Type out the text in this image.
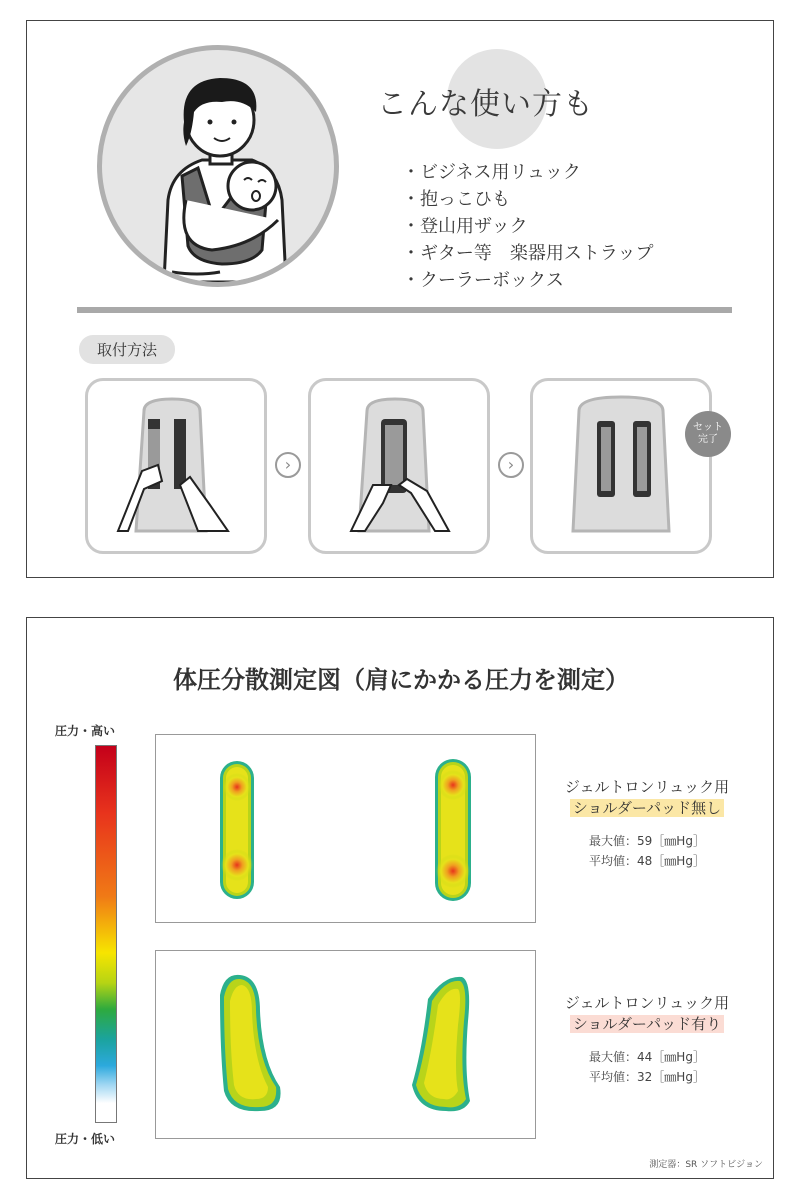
こんな使い方も
・ ビジネス用リュック
・ 抱っこひも
・ 登山用ザック
・ ギター等　楽器用ストラップ
・ クーラーボックス
取付方法
›	›
セット
完了
体圧分散測定図（肩にかかる圧力を測定）
圧力・高い
圧力・低い
ジェルトロンリュック用
ショルダーパッド無し
最大値：59［㎜Hg］
平均値：48［㎜Hg］
ジェルトロンリュック用
ショルダーパッド有り
最大値：44［㎜Hg］
平均値：32［㎜Hg］
測定器：SR ソフトビジョン
